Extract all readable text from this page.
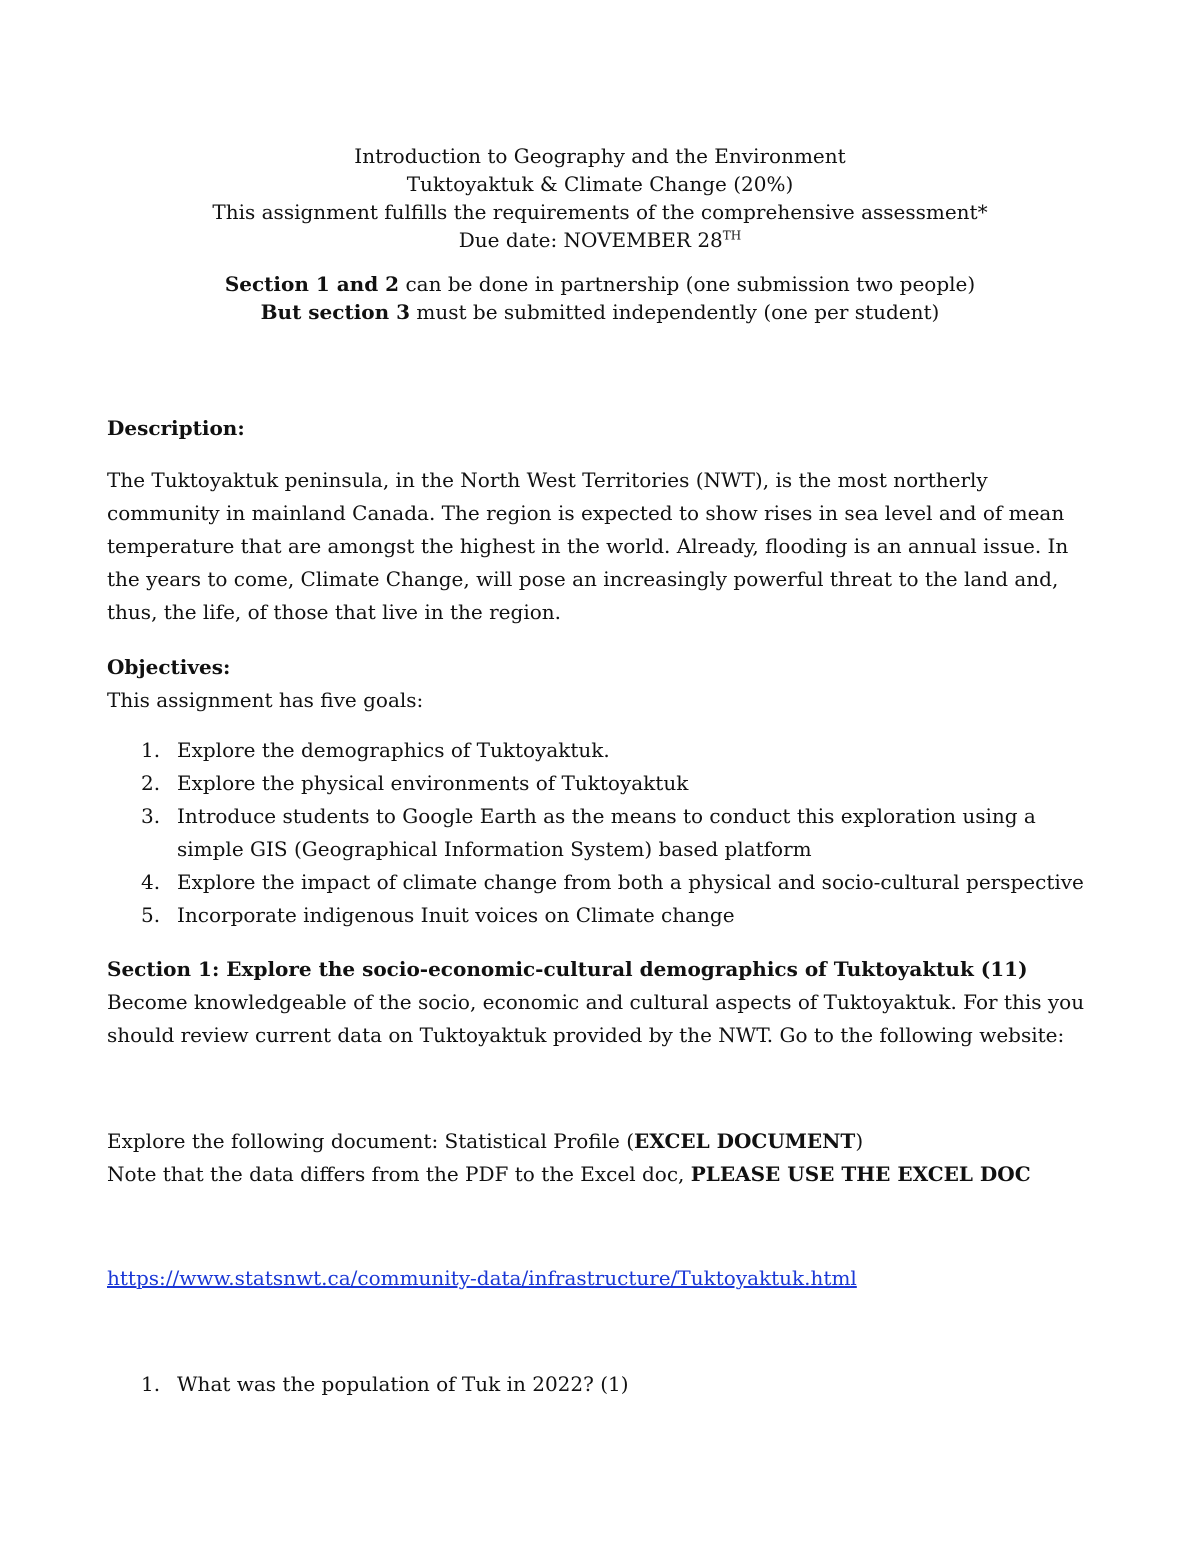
Introduction to Geography and the Environment
Tuktoyaktuk & Climate Change (20%)
This assignment fulfills the requirements of the comprehensive assessment*
Due date: NOVEMBER 28TH
Section 1 and 2 can be done in partnership (one submission two people)
But section 3 must be submitted independently (one per student)
Description:
The Tuktoyaktuk peninsula, in the North West Territories (NWT), is the most northerly community in mainland Canada. The region is expected to show rises in sea level and of mean temperature that are amongst the highest in the world. Already, flooding is an annual issue. In the years to come, Climate Change, will pose an increasingly powerful threat to the land and, thus, the life, of those that live in the region.
Objectives:
This assignment has five goals:
1. Explore the demographics of Tuktoyaktuk.
2. Explore the physical environments of Tuktoyaktuk
3. Introduce students to Google Earth as the means to conduct this exploration using a simple GIS (Geographical Information System) based platform
4. Explore the impact of climate change from both a physical and socio-cultural perspective
5. Incorporate indigenous Inuit voices on Climate change
Section 1: Explore the socio-economic-cultural demographics of Tuktoyaktuk (11)
Become knowledgeable of the socio, economic and cultural aspects of Tuktoyaktuk. For this you should review current data on Tuktoyaktuk provided by the NWT. Go to the following website:
Explore the following document: Statistical Profile (EXCEL DOCUMENT)
Note that the data differs from the PDF to the Excel doc, PLEASE USE THE EXCEL DOC
https://www.statsnwt.ca/community-data/infrastructure/Tuktoyaktuk.html
1. What was the population of Tuk in 2022? (1)
